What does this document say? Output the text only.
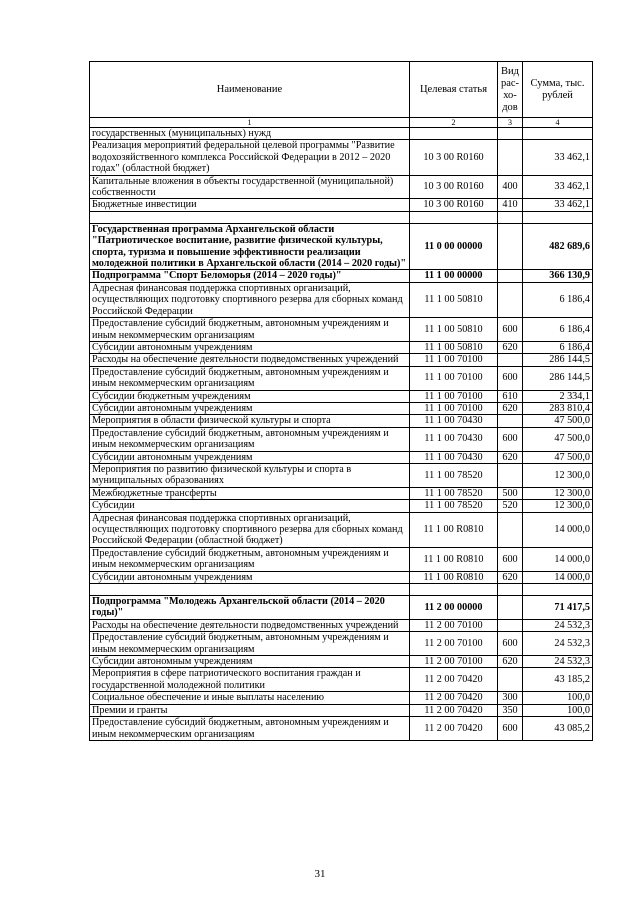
Наименование	Целевая статья	Вид рас- хо- дов	Сумма, тыс. рублей
1	2	3	4
государственных (муниципальных) нужд			
Реализация мероприятий федеральной целевой программы "Развитие водохозяйственного комплекса Российской Федерации в 2012 – 2020 годах" (областной бюджет)	10 3 00 R0160		33 462,1
Капитальные вложения в объекты государственной (муниципальной) собственности	10 3 00 R0160	400	33 462,1
Бюджетные инвестиции	10 3 00 R0160	410	33 462,1

Государственная программа Архангельской области "Патриотическое воспитание, развитие физической культуры, спорта, туризма и повышение эффективности реализации молодежной политики в Архангельской области (2014 – 2020 годы)"	11 0 00 00000		482 689,6
Подпрограмма "Спорт Беломорья (2014 – 2020 годы)"	11 1 00 00000		366 130,9
Адресная финансовая поддержка спортивных организаций, осуществляющих подготовку спортивного резерва для сборных команд Российской Федерации	11 1 00 50810		6 186,4
Предоставление субсидий бюджетным, автономным учреждениям и иным некоммерческим организациям	11 1 00 50810	600	6 186,4
Субсидии автономным учреждениям	11 1 00 50810	620	6 186,4
Расходы на обеспечение деятельности подведомственных учреждений	11 1 00 70100		286 144,5
Предоставление субсидий бюджетным, автономным учреждениям и иным некоммерческим организациям	11 1 00 70100	600	286 144,5
Субсидии бюджетным учреждениям	11 1 00 70100	610	2 334,1
Субсидии автономным учреждениям	11 1 00 70100	620	283 810,4
Мероприятия в области физической культуры и спорта	11 1 00 70430		47 500,0
Предоставление субсидий бюджетным, автономным учреждениям и иным некоммерческим организациям	11 1 00 70430	600	47 500,0
Субсидии автономным учреждениям	11 1 00 70430	620	47 500,0
Мероприятия по развитию физической культуры и спорта в муниципальных образованиях	11 1 00 78520		12 300,0
Межбюджетные трансферты	11 1 00 78520	500	12 300,0
Субсидии	11 1 00 78520	520	12 300,0
Адресная финансовая поддержка спортивных организаций, осуществляющих подготовку спортивного резерва для сборных команд Российской Федерации (областной бюджет)	11 1 00 R0810		14 000,0
Предоставление субсидий бюджетным, автономным учреждениям и иным некоммерческим организациям	11 1 00 R0810	600	14 000,0
Субсидии автономным учреждениям	11 1 00 R0810	620	14 000,0

Подпрограмма "Молодежь Архангельской области (2014 – 2020 годы)"	11 2 00 00000		71 417,5
Расходы на обеспечение деятельности подведомственных учреждений	11 2 00 70100		24 532,3
Предоставление субсидий бюджетным, автономным учреждениям и иным некоммерческим организациям	11 2 00 70100	600	24 532,3
Субсидии автономным учреждениям	11 2 00 70100	620	24 532,3
Мероприятия в сфере патриотического воспитания граждан и государственной молодежной политики	11 2 00 70420		43 185,2
Социальное обеспечение и иные выплаты населению	11 2 00 70420	300	100,0
Премии и гранты	11 2 00 70420	350	100,0
Предоставление субсидий бюджетным, автономным учреждениям и иным некоммерческим организациям	11 2 00 70420	600	43 085,2
31
